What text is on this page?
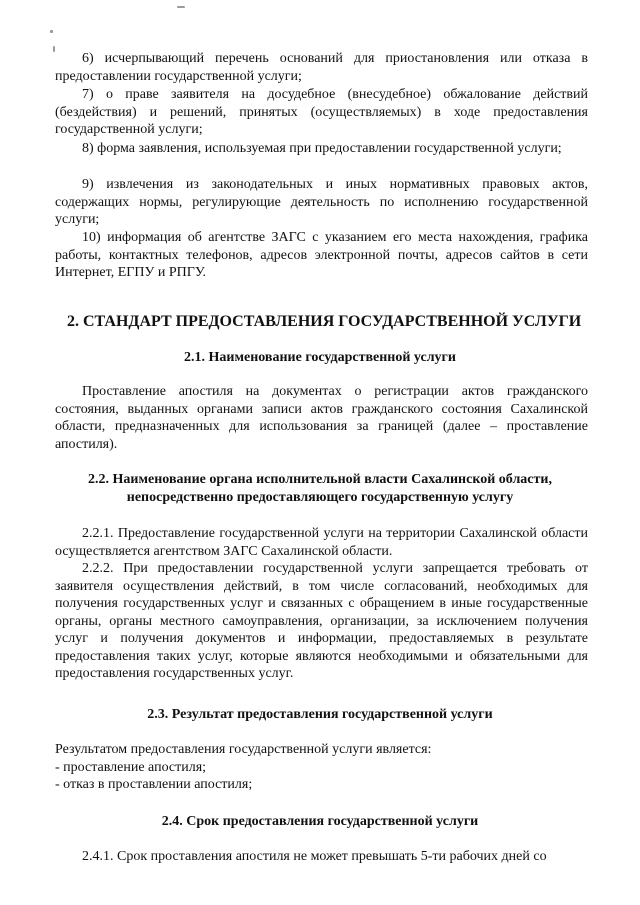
6) исчерпывающий перечень оснований для приостановления или отказа в предоставлении государственной услуги;

7) о праве заявителя на досудебное (внесудебное) обжалование действий (бездействия) и решений, принятых (осуществляемых) в ходе предоставления государственной услуги;

8) форма заявления, используемая при предоставлении государственной услуги;

9) извлечения из законодательных и иных нормативных правовых актов, содержащих нормы, регулирующие деятельность по исполнению государственной услуги;

10) информация об агентстве ЗАГС с указанием его места нахождения, графика работы, контактных телефонов, адресов электронной почты, адресов сайтов в сети Интернет, ЕГПУ и РПГУ.

2. СТАНДАРТ ПРЕДОСТАВЛЕНИЯ ГОСУДАРСТВЕННОЙ УСЛУГИ
2.1. Наименование государственной услуги

Проставление апостиля на документах о регистрации актов гражданского состояния, выданных органами записи актов гражданского состояния Сахалинской области, предназначенных для использования за границей (далее – проставление апостиля).

2.2. Наименование органа исполнительной власти Сахалинской области, непосредственно предоставляющего государственную услугу

2.2.1. Предоставление государственной услуги на территории Сахалинской области осуществляется агентством ЗАГС Сахалинской области.

2.2.2. При предоставлении государственной услуги запрещается требовать от заявителя осуществления действий, в том числе согласований, необходимых для получения государственных услуг и связанных с обращением в иные государственные органы, органы местного самоуправления, организации, за исключением получения услуг и получения документов и информации, предоставляемых в результате предоставления таких услуг, которые являются необходимыми и обязательными для предоставления государственных услуг.

2.3. Результат предоставления государственной услуги

Результатом предоставления государственной услуги является:

- проставление апостиля;

- отказ в проставлении апостиля;

2.4. Срок предоставления государственной услуги

2.4.1. Срок проставления апостиля не может превышать 5-ти рабочих дней со
